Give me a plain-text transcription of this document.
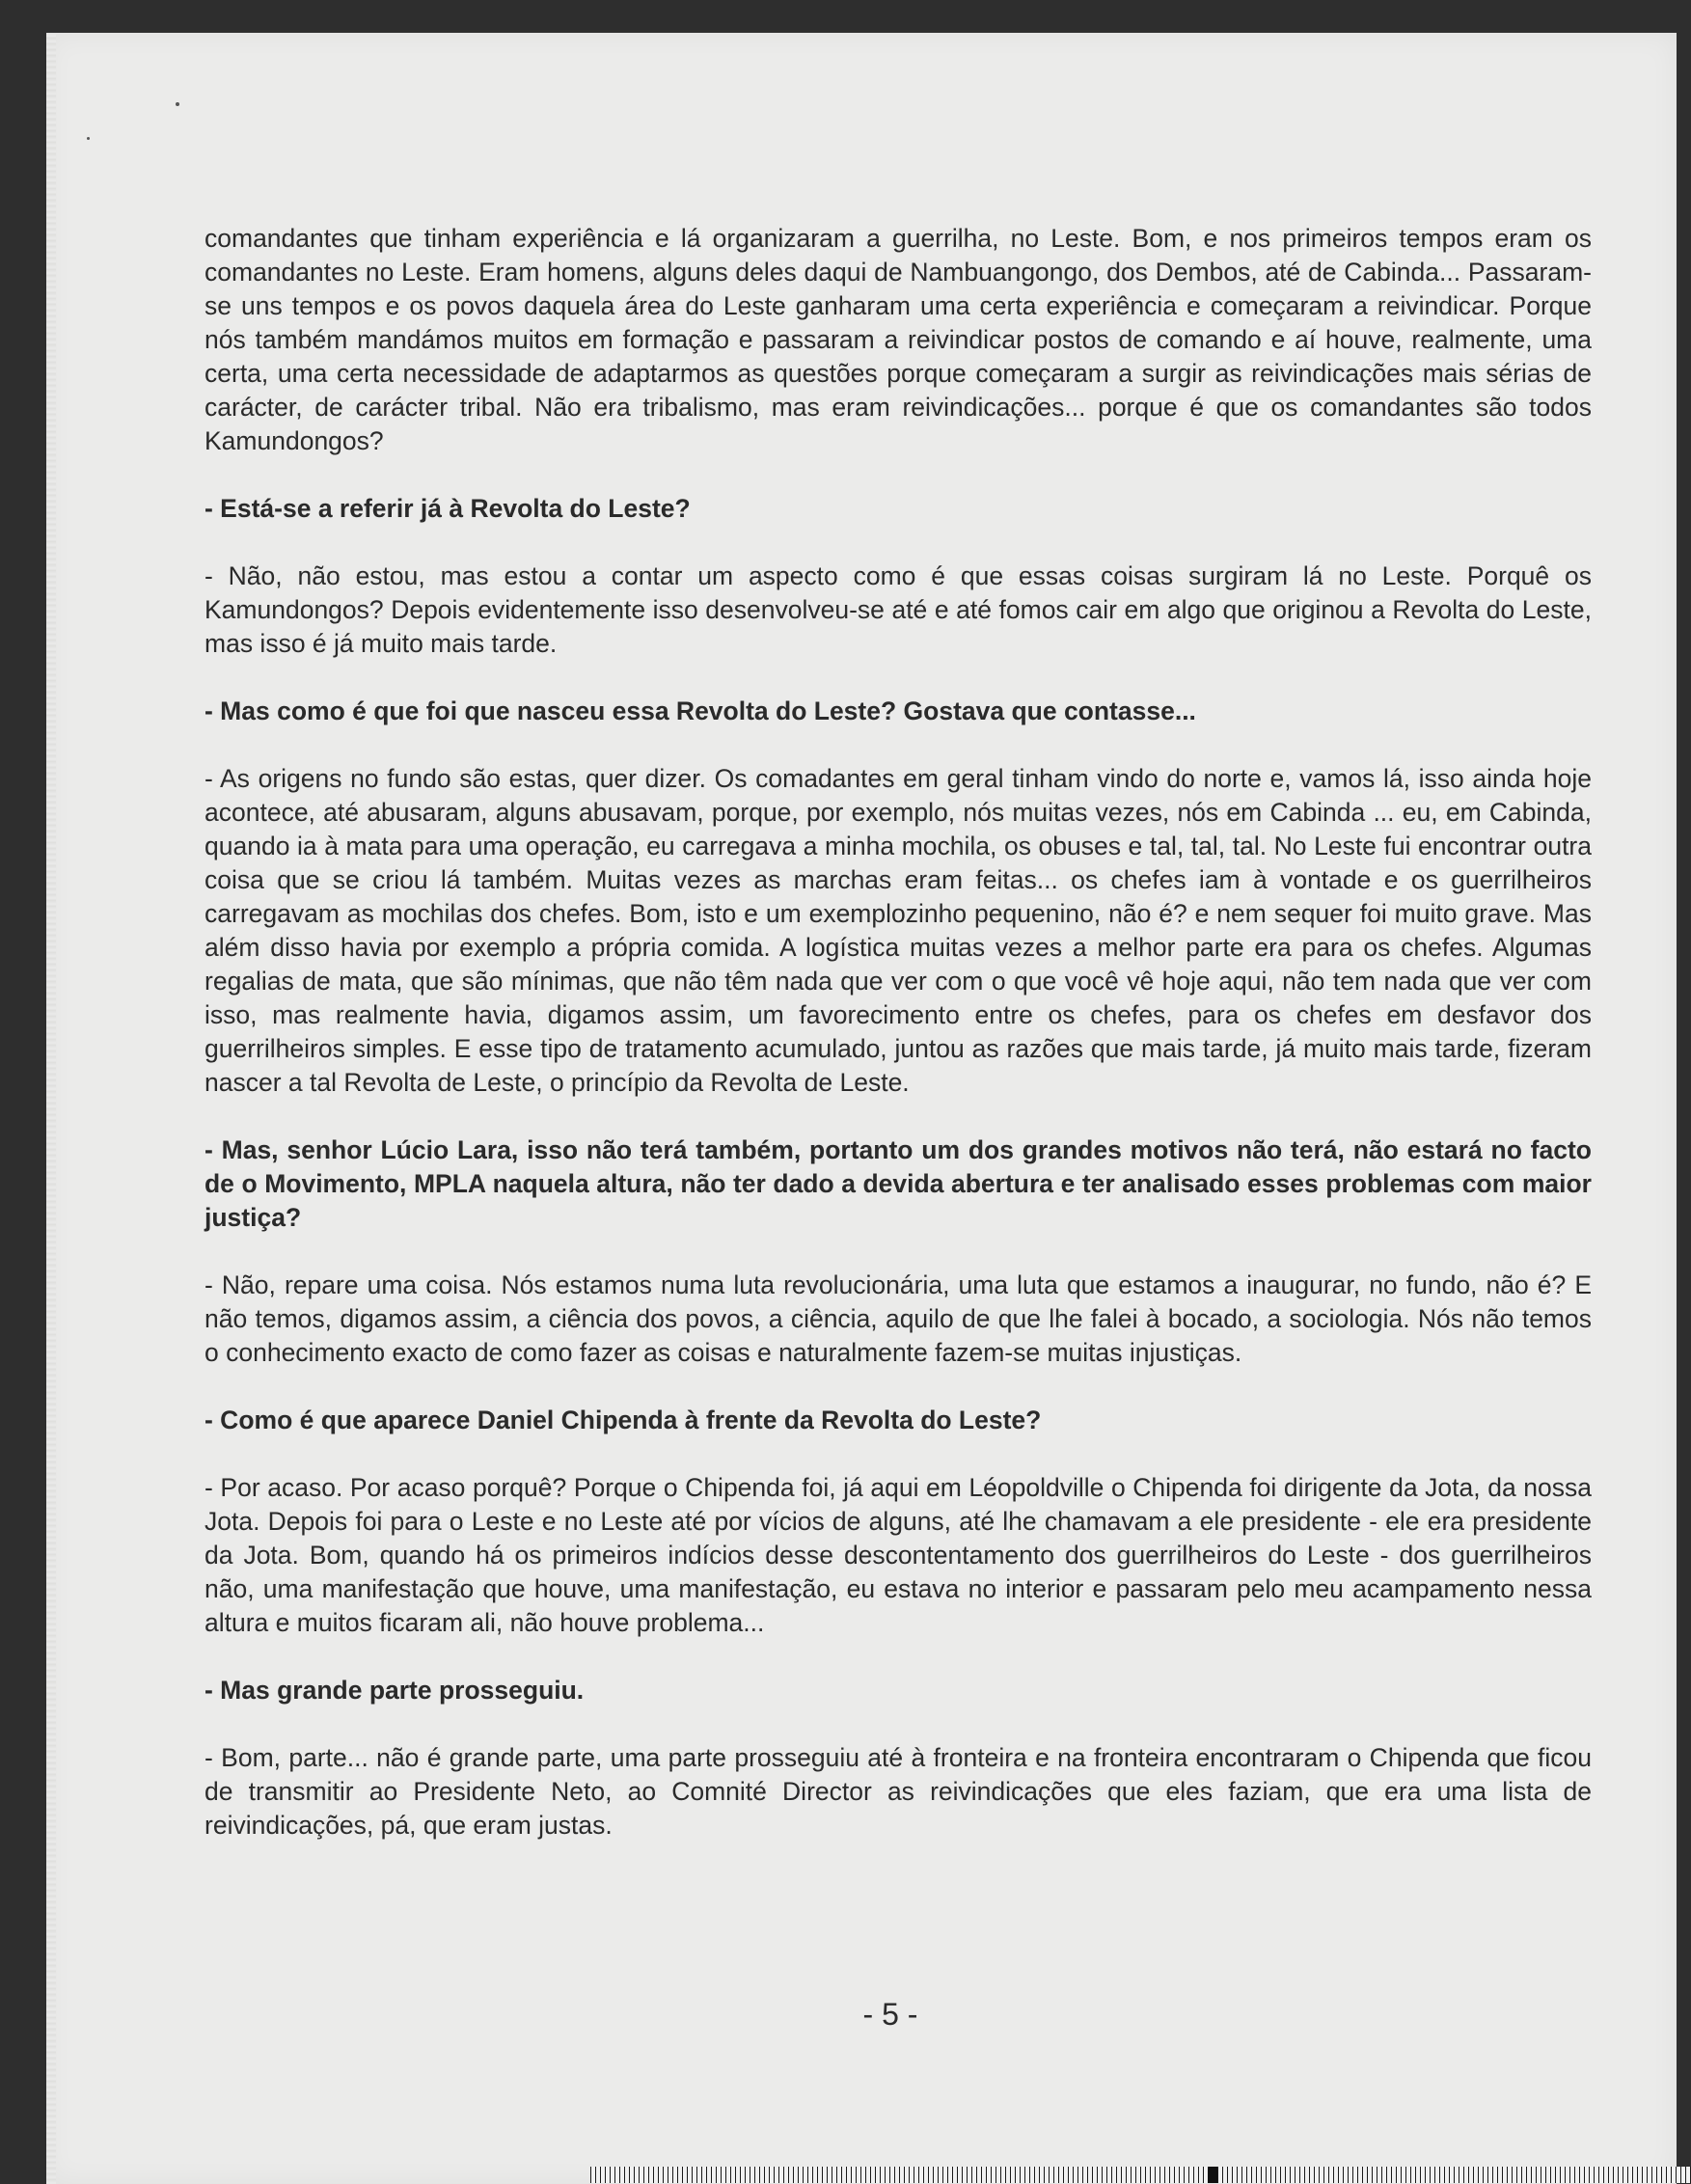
comandantes que tinham experiência e lá organizaram a guerrilha, no Leste. Bom, e nos primeiros tempos eram os comandantes no Leste. Eram homens, alguns deles daqui de Nambuangongo, dos Dembos, até de Cabinda... Passaram-se uns tempos e os povos daquela área do Leste ganharam uma certa experiência e começaram a reivindicar. Porque nós também mandámos muitos em formação e passaram a reivindicar postos de comando e aí houve, realmente, uma certa, uma certa necessidade de adaptarmos as questões porque começaram a surgir as reivindicações mais sérias de carácter, de carácter tribal. Não era tribalismo, mas eram reivindicações... porque é que os comandantes são todos Kamundongos?

- Está-se a referir já à Revolta do Leste?

- Não, não estou, mas estou a contar um aspecto como é que essas coisas surgiram lá no Leste. Porquê os Kamundongos? Depois evidentemente isso desenvolveu-se até e até fomos cair em algo que originou a Revolta do Leste, mas isso é já muito mais tarde.

- Mas como é que foi que nasceu essa Revolta do Leste? Gostava que contasse...

- As origens no fundo são estas, quer dizer. Os comadantes em geral tinham vindo do norte e, vamos lá, isso ainda hoje acontece, até abusaram, alguns abusavam, porque, por exemplo, nós muitas vezes, nós em Cabinda ... eu, em Cabinda, quando ia à mata para uma operação, eu carregava a minha mochila, os obuses e tal, tal, tal. No Leste fui encontrar outra coisa que se criou lá também. Muitas vezes as marchas eram feitas... os chefes iam à vontade e os guerrilheiros carregavam as mochilas dos chefes. Bom, isto e um exemplozinho pequenino, não é? e nem sequer foi muito grave. Mas além disso havia por exemplo a própria comida. A logística muitas vezes a melhor parte era para os chefes. Algumas regalias de mata, que são mínimas, que não têm nada que ver com o que você vê hoje aqui, não tem nada que ver com isso, mas realmente havia, digamos assim, um favorecimento entre os chefes, para os chefes em desfavor dos guerrilheiros simples. E esse tipo de tratamento acumulado, juntou as razões que mais tarde, já muito mais tarde, fizeram nascer a tal Revolta de Leste, o princípio da Revolta de Leste.

- Mas, senhor Lúcio Lara, isso não terá também, portanto um dos grandes motivos não terá, não estará no facto de o Movimento, MPLA naquela altura, não ter dado a devida abertura e ter analisado esses problemas com maior justiça?

- Não, repare uma coisa. Nós estamos numa luta revolucionária, uma luta que estamos a inaugurar, no fundo, não é? E não temos, digamos assim, a ciência dos povos, a ciência, aquilo de que lhe falei à bocado, a sociologia. Nós não temos o conhecimento exacto de como fazer as coisas e naturalmente fazem-se muitas injustiças.

- Como é que aparece Daniel Chipenda à frente da Revolta do Leste?

- Por acaso. Por acaso porquê? Porque o Chipenda foi, já aqui em Léopoldville o Chipenda foi dirigente da Jota, da nossa Jota. Depois foi para o Leste e no Leste até por vícios de alguns, até lhe chamavam a ele presidente - ele era presidente da Jota. Bom, quando há os primeiros indícios desse descontentamento dos guerrilheiros do Leste - dos guerrilheiros não, uma manifestação que houve, uma manifestação, eu estava no interior e passaram pelo meu acampamento nessa altura e muitos ficaram ali, não houve problema...

- Mas grande parte prosseguiu.

- Bom, parte... não é grande parte, uma parte prosseguiu até à fronteira e na fronteira encontraram o Chipenda que ficou de transmitir ao Presidente Neto, ao Comnité Director as reivindicações que eles faziam, que era uma lista de reivindicações, pá, que eram justas.

- 5 -
